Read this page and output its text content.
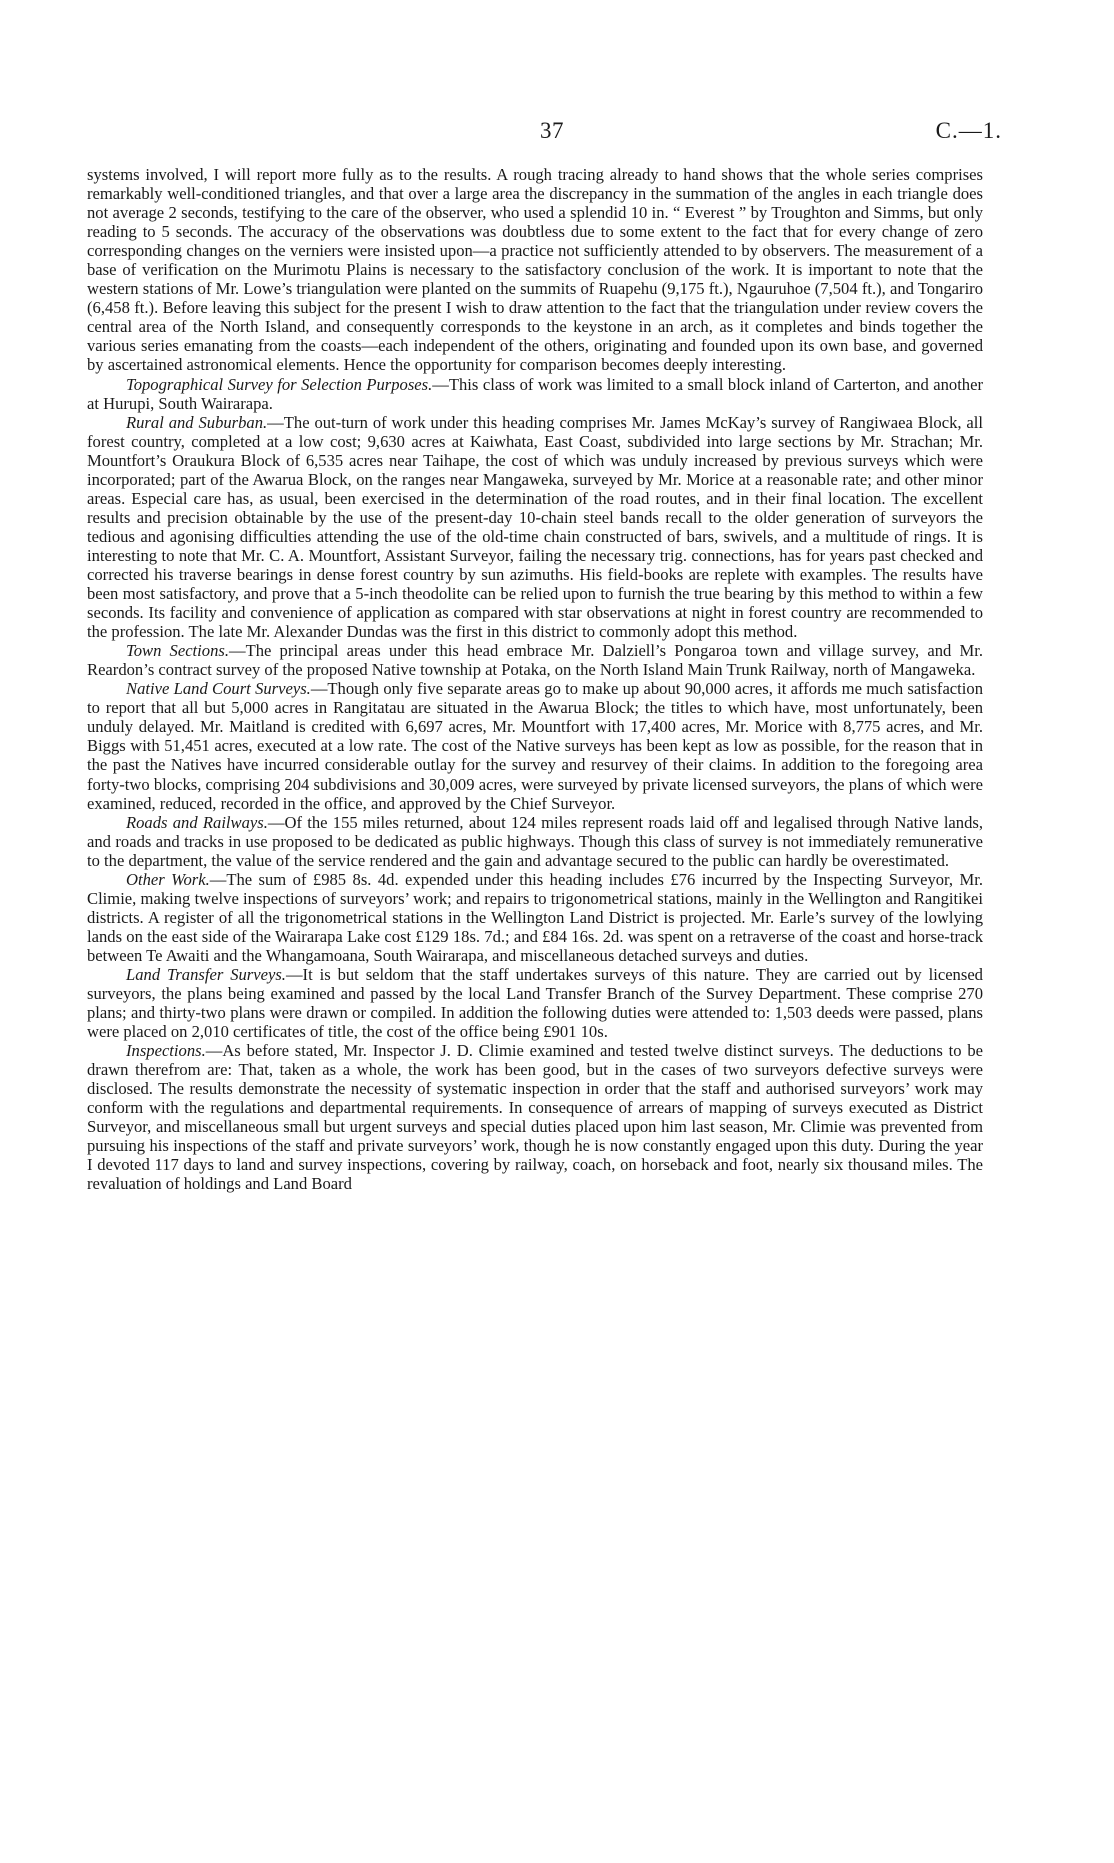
37	C.—1.

systems involved, I will report more fully as to the results. A rough tracing already to hand shows that the whole series comprises remarkably well-conditioned triangles, and that over a large area the discrepancy in the summation of the angles in each triangle does not average 2 seconds, testifying to the care of the observer, who used a splendid 10 in. “ Everest ” by Troughton and Simms, but only reading to 5 seconds. The accuracy of the observations was doubtless due to some extent to the fact that for every change of zero corresponding changes on the verniers were insisted upon—a practice not sufficiently attended to by observers. The measurement of a base of verification on the Murimotu Plains is necessary to the satisfactory conclusion of the work. It is important to note that the western stations of Mr. Lowe’s triangulation were planted on the summits of Ruapehu (9,175 ft.), Ngauruhoe (7,504 ft.), and Tongariro (6,458 ft.). Before leaving this subject for the present I wish to draw attention to the fact that the triangulation under review covers the central area of the North Island, and consequently corresponds to the keystone in an arch, as it completes and binds together the various series emanating from the coasts—each independent of the others, originating and founded upon its own base, and governed by ascertained astronomical elements. Hence the opportunity for comparison becomes deeply interesting.

Topographical Survey for Selection Purposes.—This class of work was limited to a small block inland of Carterton, and another at Hurupi, South Wairarapa.

Rural and Suburban.—The out-turn of work under this heading comprises Mr. James McKay’s survey of Rangiwaea Block, all forest country, completed at a low cost; 9,630 acres at Kaiwhata, East Coast, subdivided into large sections by Mr. Strachan; Mr. Mountfort’s Oraukura Block of 6,535 acres near Taihape, the cost of which was unduly increased by previous surveys which were incorporated; part of the Awarua Block, on the ranges near Mangaweka, surveyed by Mr. Morice at a reasonable rate; and other minor areas. Especial care has, as usual, been exercised in the determination of the road routes, and in their final location. The excellent results and precision obtainable by the use of the present-day 10-chain steel bands recall to the older generation of surveyors the tedious and agonising difficulties attending the use of the old-time chain constructed of bars, swivels, and a multitude of rings. It is interesting to note that Mr. C. A. Mountfort, Assistant Surveyor, failing the necessary trig. connections, has for years past checked and corrected his traverse bearings in dense forest country by sun azimuths. His field-books are replete with examples. The results have been most satisfactory, and prove that a 5-inch theodolite can be relied upon to furnish the true bearing by this method to within a few seconds. Its facility and convenience of application as compared with star observations at night in forest country are recommended to the profession. The late Mr. Alexander Dundas was the first in this district to commonly adopt this method.

Town Sections.—The principal areas under this head embrace Mr. Dalziell’s Pongaroa town and village survey, and Mr. Reardon’s contract survey of the proposed Native township at Potaka, on the North Island Main Trunk Railway, north of Mangaweka.

Native Land Court Surveys.—Though only five separate areas go to make up about 90,000 acres, it affords me much satisfaction to report that all but 5,000 acres in Rangitatau are situated in the Awarua Block; the titles to which have, most unfortunately, been unduly delayed. Mr. Maitland is credited with 6,697 acres, Mr. Mountfort with 17,400 acres, Mr. Morice with 8,775 acres, and Mr. Biggs with 51,451 acres, executed at a low rate. The cost of the Native surveys has been kept as low as possible, for the reason that in the past the Natives have incurred considerable outlay for the survey and resurvey of their claims. In addition to the foregoing area forty-two blocks, comprising 204 subdivisions and 30,009 acres, were surveyed by private licensed surveyors, the plans of which were examined, reduced, recorded in the office, and approved by the Chief Surveyor.

Roads and Railways.—Of the 155 miles returned, about 124 miles represent roads laid off and legalised through Native lands, and roads and tracks in use proposed to be dedicated as public highways. Though this class of survey is not immediately remunerative to the department, the value of the service rendered and the gain and advantage secured to the public can hardly be overestimated.

Other Work.—The sum of £985 8s. 4d. expended under this heading includes £76 incurred by the Inspecting Surveyor, Mr. Climie, making twelve inspections of surveyors’ work; and repairs to trigonometrical stations, mainly in the Wellington and Rangitikei districts. A register of all the trigonometrical stations in the Wellington Land District is projected. Mr. Earle’s survey of the lowlying lands on the east side of the Wairarapa Lake cost £129 18s. 7d.; and £84 16s. 2d. was spent on a retraverse of the coast and horse-track between Te Awaiti and the Whangamoana, South Wairarapa, and miscellaneous detached surveys and duties.

Land Transfer Surveys.—It is but seldom that the staff undertakes surveys of this nature. They are carried out by licensed surveyors, the plans being examined and passed by the local Land Transfer Branch of the Survey Department. These comprise 270 plans; and thirty-two plans were drawn or compiled. In addition the following duties were attended to: 1,503 deeds were passed, plans were placed on 2,010 certificates of title, the cost of the office being £901 10s.

Inspections.—As before stated, Mr. Inspector J. D. Climie examined and tested twelve distinct surveys. The deductions to be drawn therefrom are: That, taken as a whole, the work has been good, but in the cases of two surveyors defective surveys were disclosed. The results demonstrate the necessity of systematic inspection in order that the staff and authorised surveyors’ work may conform with the regulations and departmental requirements. In consequence of arrears of mapping of surveys executed as District Surveyor, and miscellaneous small but urgent surveys and special duties placed upon him last season, Mr. Climie was prevented from pursuing his inspections of the staff and private surveyors’ work, though he is now constantly engaged upon this duty. During the year I devoted 117 days to land and survey inspections, covering by railway, coach, on horseback and foot, nearly six thousand miles. The revaluation of holdings and Land Board
